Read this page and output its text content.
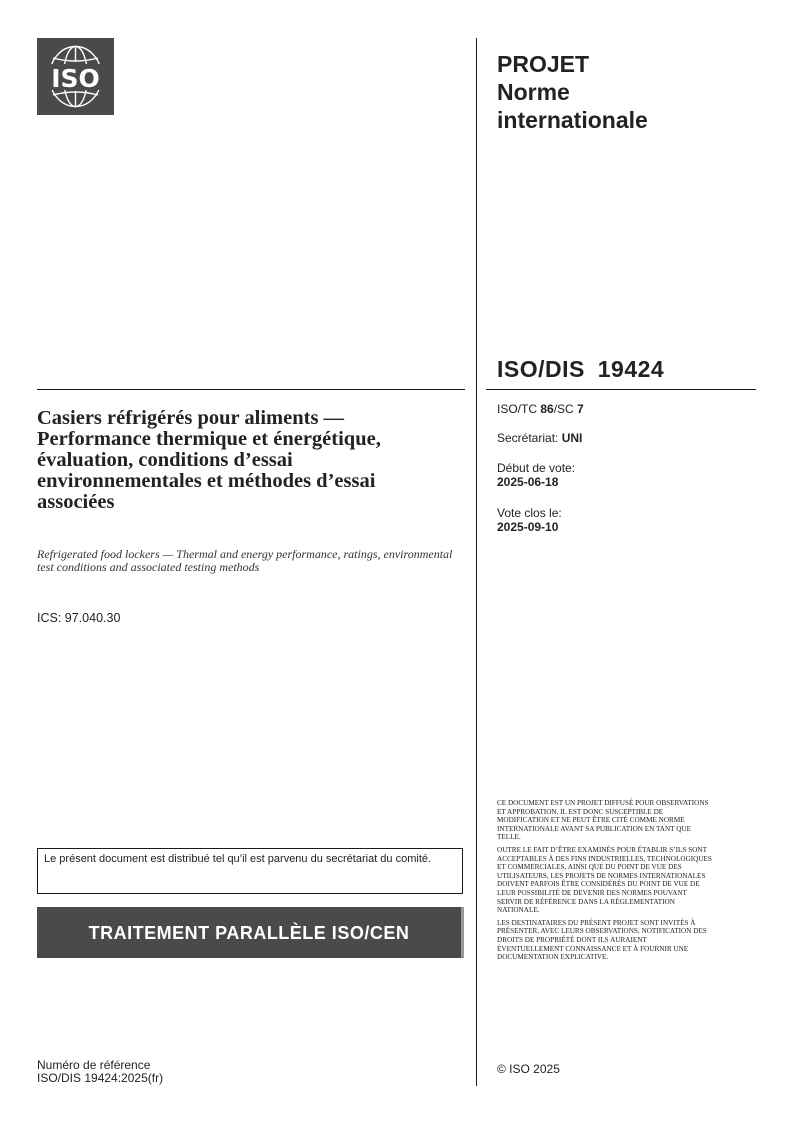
ISO	PROJET
Norme
internationale
ISO/DIS 19424
ISO/TC 86/SC 7
Secrétariat: UNI
Début de vote:
2025-06-18
Vote clos le:
2025-09-10
Casiers réfrigérés pour aliments — Performance thermique et énergétique, évaluation, conditions d’essai environnementales et méthodes d’essai associées
Refrigerated food lockers — Thermal and energy performance, ratings, environmental test conditions and associated testing methods
ICS: 97.040.30
Le présent document est distribué tel qu’il est parvenu du secrétariat du comité.
TRAITEMENT PARALLÈLE ISO/CEN
Numéro de référence
ISO/DIS 19424:2025(fr)

CE DOCUMENT EST UN PROJET DIFFUSÉ POUR OBSERVATIONS ET APPROBATION. IL EST DONC SUSCEPTIBLE DE MODIFICATION ET NE PEUT ÊTRE CITÉ COMME NORME INTERNATIONALE AVANT SA PUBLICATION EN TANT QUE TELLE.

OUTRE LE FAIT D’ÊTRE EXAMINÉS POUR ÉTABLIR S’ILS SONT ACCEPTABLES À DES FINS INDUSTRIELLES, TECHNOLOGIQUES ET COMMERCIALES, AINSI QUE DU POINT DE VUE DES UTILISATEURS, LES PROJETS DE NORMES INTERNATIONALES DOIVENT PARFOIS ÊTRE CONSIDÉRÉS DU POINT DE VUE DE LEUR POSSIBILITÉ DE DEVENIR DES NORMES POUVANT SERVIR DE RÉFÉRENCE DANS LA RÉGLEMENTATION NATIONALE.

LES DESTINATAIRES DU PRÉSENT PROJET SONT INVITÉS À PRÉSENTER, AVEC LEURS OBSERVATIONS, NOTIFICATION DES DROITS DE PROPRIÉTÉ DONT ILS AURAIENT ÉVENTUELLEMENT CONNAISSANCE ET À FOURNIR UNE DOCUMENTATION EXPLICATIVE.

© ISO 2025
